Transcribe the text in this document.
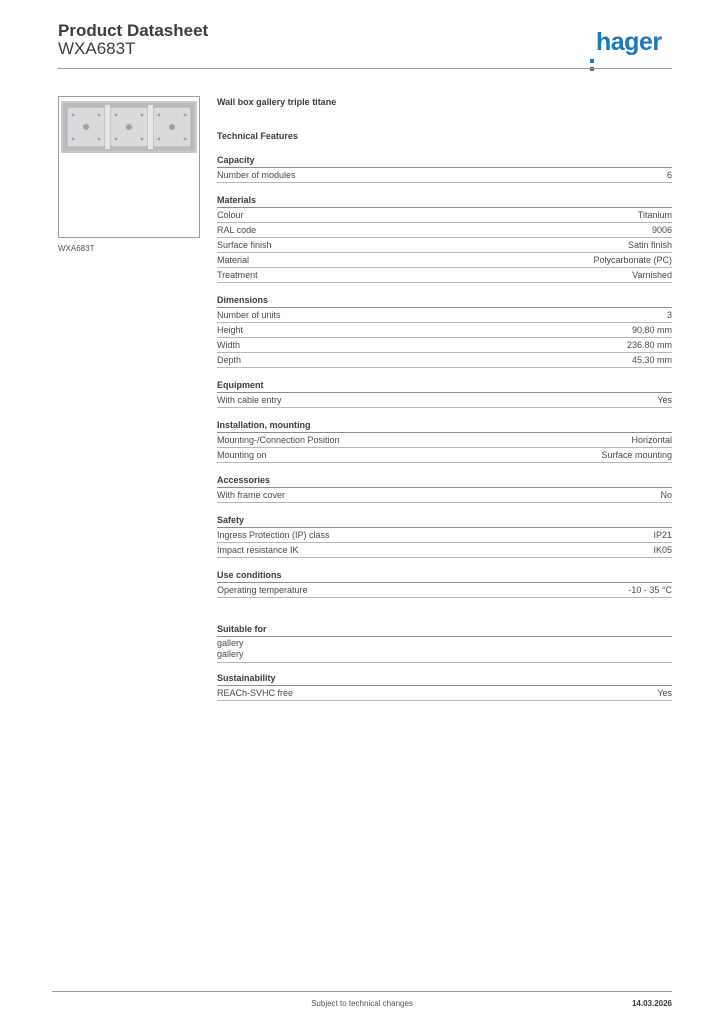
Product Datasheet
WXA683T	hager
WXA683T
Wall box gallery triple titane
Technical Features
Capacity
Number of modules	6
Materials
Colour	Titanium
RAL code	9006
Surface finish	Satin finish
Material	Polycarbonate (PC)
Treatment	Varnished
Dimensions
Number of units	3
Height	90.80 mm
Width	236.80 mm
Depth	45.30 mm
Equipment
With cable entry	Yes
Installation, mounting
Mounting-/Connection Position	Horizontal
Mounting on	Surface mounting
Accessories
With frame cover	No
Safety
Ingress Protection (IP) class	IP21
Impact resistance IK	IK05
Use conditions
Operating temperature	-10 - 35 °C
Suitable for
gallery
gallery
Sustainability
REACh-SVHC free	Yes
Subject to technical changes	14.03.2026
